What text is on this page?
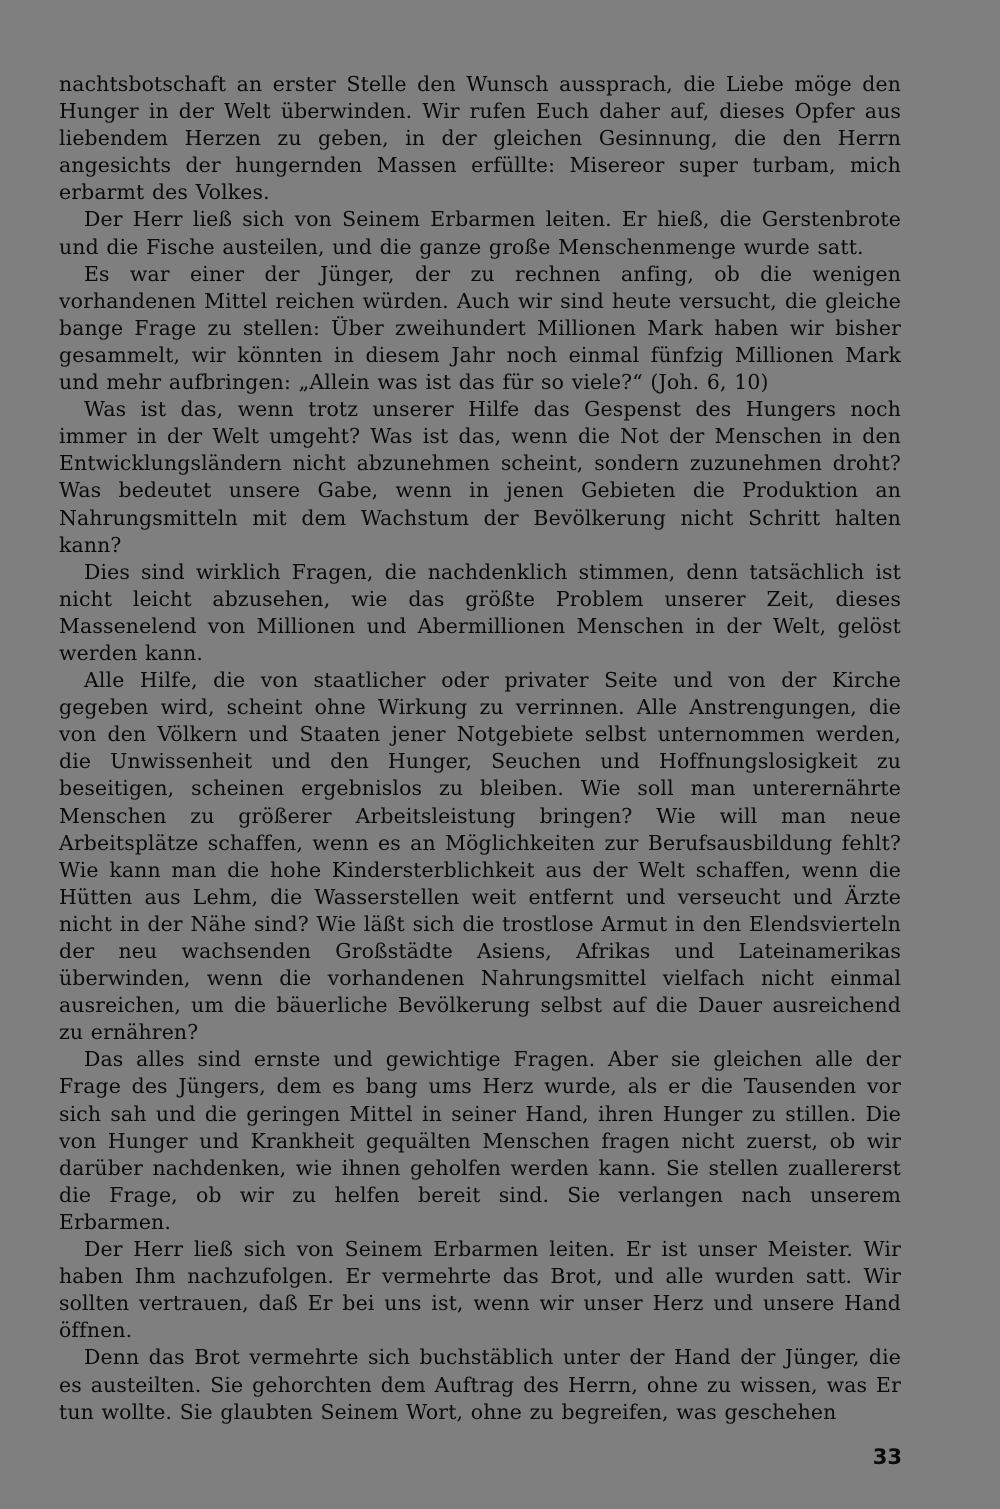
nachtsbotschaft an erster Stelle den Wunsch aussprach, die Liebe möge den Hunger in der Welt überwinden. Wir rufen Euch daher auf, dieses Opfer aus liebendem Herzen zu geben, in der gleichen Gesinnung, die den Herrn angesichts der hungernden Massen erfüllte: Misereor super turbam, mich erbarmt des Volkes.

Der Herr ließ sich von Seinem Erbarmen leiten. Er hieß, die Gerstenbrote und die Fische austeilen, und die ganze große Menschenmenge wurde satt.

Es war einer der Jünger, der zu rechnen anfing, ob die wenigen vorhandenen Mittel reichen würden. Auch wir sind heute versucht, die gleiche bange Frage zu stellen: Über zweihundert Millionen Mark haben wir bisher gesammelt, wir könnten in diesem Jahr noch einmal fünfzig Millionen Mark und mehr aufbringen: „Allein was ist das für so viele?“ (Joh. 6, 10)

Was ist das, wenn trotz unserer Hilfe das Gespenst des Hungers noch immer in der Welt umgeht? Was ist das, wenn die Not der Menschen in den Entwicklungsländern nicht abzunehmen scheint, sondern zuzunehmen droht? Was bedeutet unsere Gabe, wenn in jenen Gebieten die Produktion an Nahrungsmitteln mit dem Wachstum der Bevölkerung nicht Schritt halten kann?

Dies sind wirklich Fragen, die nachdenklich stimmen, denn tatsächlich ist nicht leicht abzusehen, wie das größte Problem unserer Zeit, dieses Massenelend von Millionen und Abermillionen Menschen in der Welt, gelöst werden kann.

Alle Hilfe, die von staatlicher oder privater Seite und von der Kirche gegeben wird, scheint ohne Wirkung zu verrinnen. Alle Anstrengungen, die von den Völkern und Staaten jener Notgebiete selbst unternommen werden, die Unwissenheit und den Hunger, Seuchen und Hoffnungslosigkeit zu beseitigen, scheinen ergebnislos zu bleiben. Wie soll man unterernährte Menschen zu größerer Arbeitsleistung bringen? Wie will man neue Arbeitsplätze schaffen, wenn es an Möglichkeiten zur Berufsausbildung fehlt? Wie kann man die hohe Kindersterblichkeit aus der Welt schaffen, wenn die Hütten aus Lehm, die Wasserstellen weit entfernt und verseucht und Ärzte nicht in der Nähe sind? Wie läßt sich die trostlose Armut in den Elendsvierteln der neu wachsenden Großstädte Asiens, Afrikas und Lateinamerikas überwinden, wenn die vorhandenen Nahrungsmittel vielfach nicht einmal ausreichen, um die bäuerliche Bevölkerung selbst auf die Dauer ausreichend zu ernähren?

Das alles sind ernste und gewichtige Fragen. Aber sie gleichen alle der Frage des Jüngers, dem es bang ums Herz wurde, als er die Tausenden vor sich sah und die geringen Mittel in seiner Hand, ihren Hunger zu stillen. Die von Hunger und Krankheit gequälten Menschen fragen nicht zuerst, ob wir darüber nachdenken, wie ihnen geholfen werden kann. Sie stellen zuallererst die Frage, ob wir zu helfen bereit sind. Sie verlangen nach unserem Erbarmen.

Der Herr ließ sich von Seinem Erbarmen leiten. Er ist unser Meister. Wir haben Ihm nachzufolgen. Er vermehrte das Brot, und alle wurden satt. Wir sollten vertrauen, daß Er bei uns ist, wenn wir unser Herz und unsere Hand öffnen.

Denn das Brot vermehrte sich buchstäblich unter der Hand der Jünger, die es austeilten. Sie gehorchten dem Auftrag des Herrn, ohne zu wissen, was Er tun wollte. Sie glaubten Seinem Wort, ohne zu begreifen, was geschehen

33
